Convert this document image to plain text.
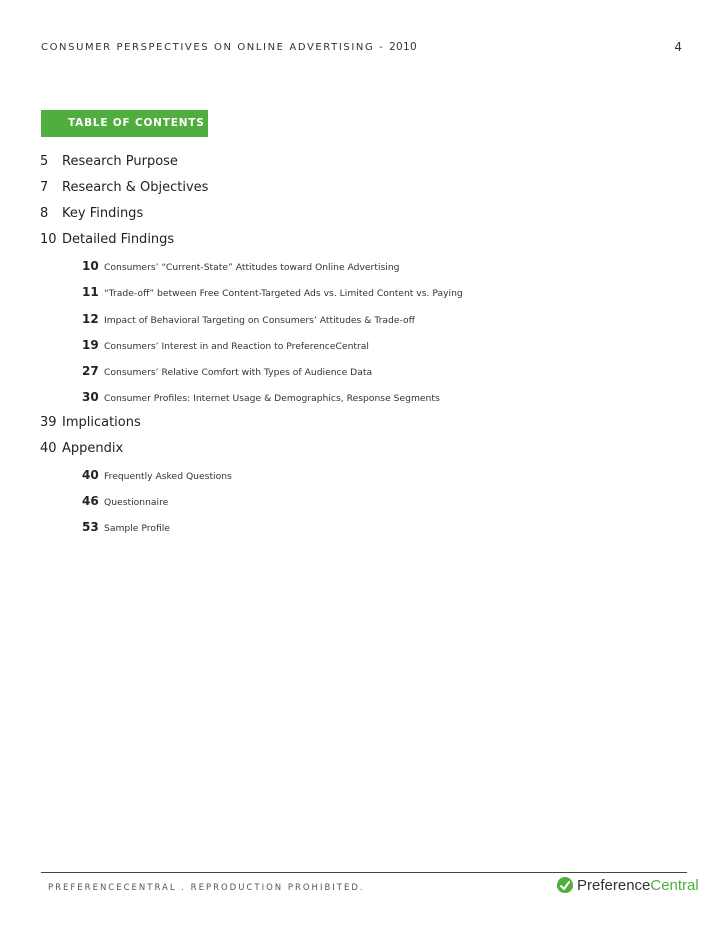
CONSUMER PERSPECTIVES ON ONLINE ADVERTISING - 2010	4
TABLE OF CONTENTS
5 Research Purpose
7 Research & Objectives
8 Key Findings
10 Detailed Findings
10 Consumers’ “Current-State” Attitudes toward Online Advertising
11 “Trade-off” between Free Content-Targeted Ads vs. Limited Content vs. Paying
12 Impact of Behavioral Targeting on Consumers’ Attitudes & Trade-off
19 Consumers’ Interest in and Reaction to PreferenceCentral
27 Consumers’ Relative Comfort with Types of Audience Data
30 Consumer Profiles: Internet Usage & Demographics, Response Segments
39 Implications
40 Appendix
40 Frequently Asked Questions
46 Questionnaire
53 Sample Profile
PREFERENCECENTRAL . REPRODUCTION PROHIBITED.	Preference Central
